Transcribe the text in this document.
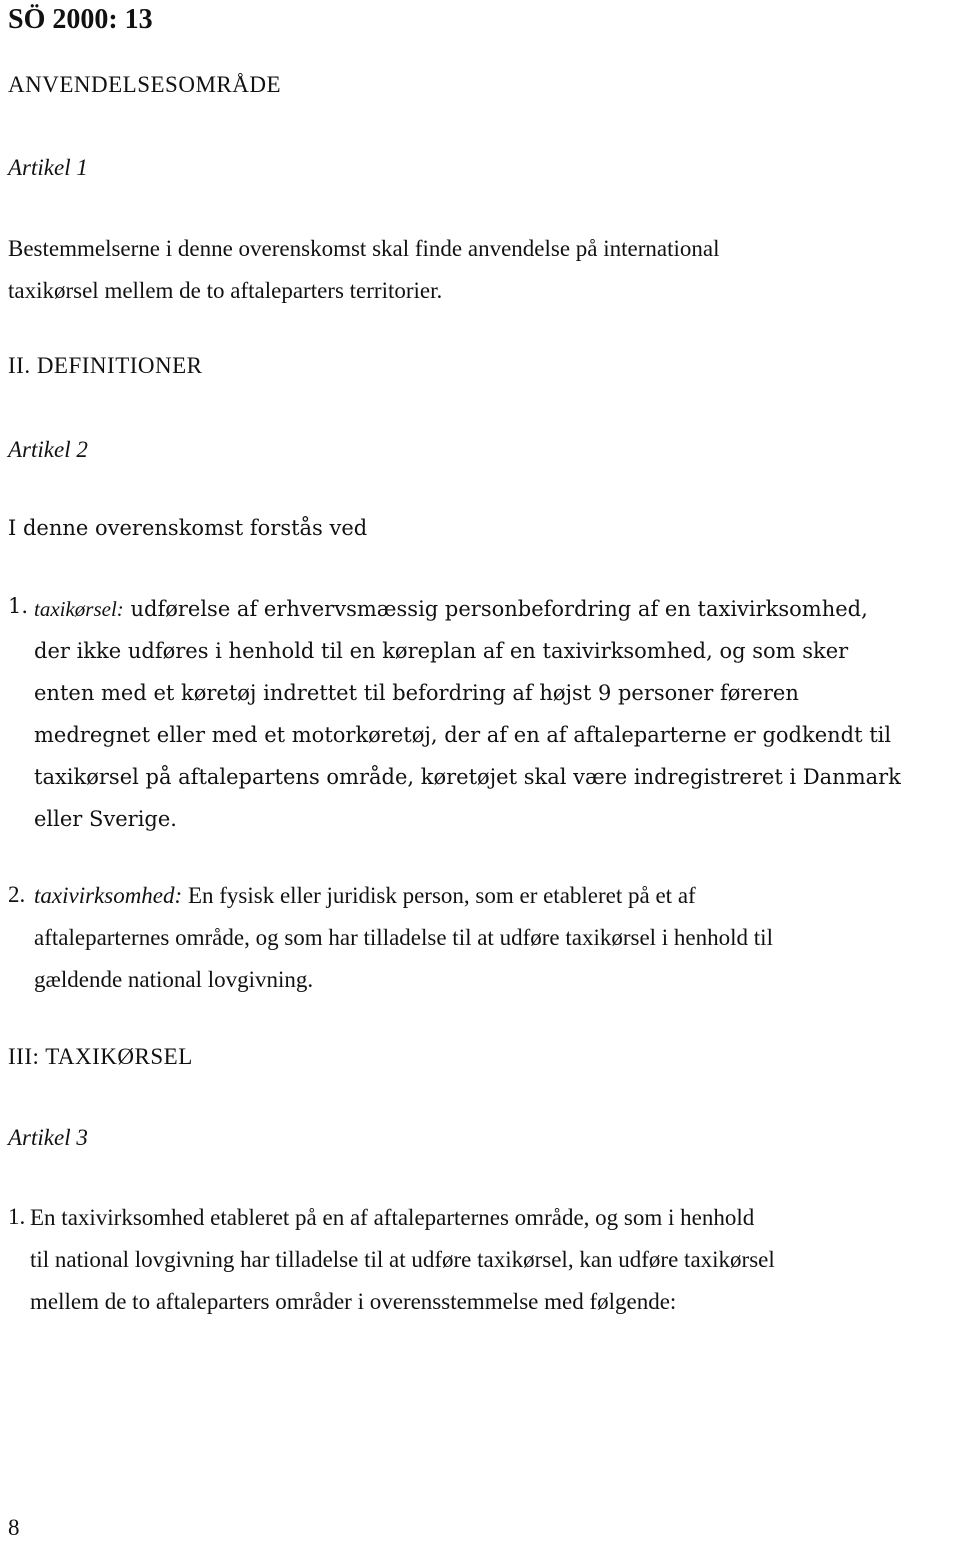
SÖ 2000: 13
ANVENDELSESOMRÅDE
Artikel 1
Bestemmelserne i denne overenskomst skal finde anvendelse på international
taxikørsel mellem de to aftaleparters territorier.
II. DEFINITIONER
Artikel 2
I denne overenskomst forstås ved
1. taxikørsel: udførelse af erhvervsmæssig personbefordring af en taxivirksomhed,
der ikke udføres i henhold til en køreplan af en taxivirksomhed, og som sker
enten med et køretøj indrettet til befordring af højst 9 personer føreren
medregnet eller med et motorkøretøj, der af en af aftaleparterne er godkendt til
taxikørsel på aftalepartens område, køretøjet skal være indregistreret i Danmark
eller Sverige.
2. taxivirksomhed: En fysisk eller juridisk person, som er etableret på et af
aftaleparternes område, og som har tilladelse til at udføre taxikørsel i henhold til
gældende national lovgivning.
III: TAXIKØRSEL
Artikel 3
1. En taxivirksomhed etableret på en af aftaleparternes område, og som i henhold
til national lovgivning har tilladelse til at udføre taxikørsel, kan udføre taxikørsel
mellem de to aftaleparters områder i overensstemmelse med følgende:
8
